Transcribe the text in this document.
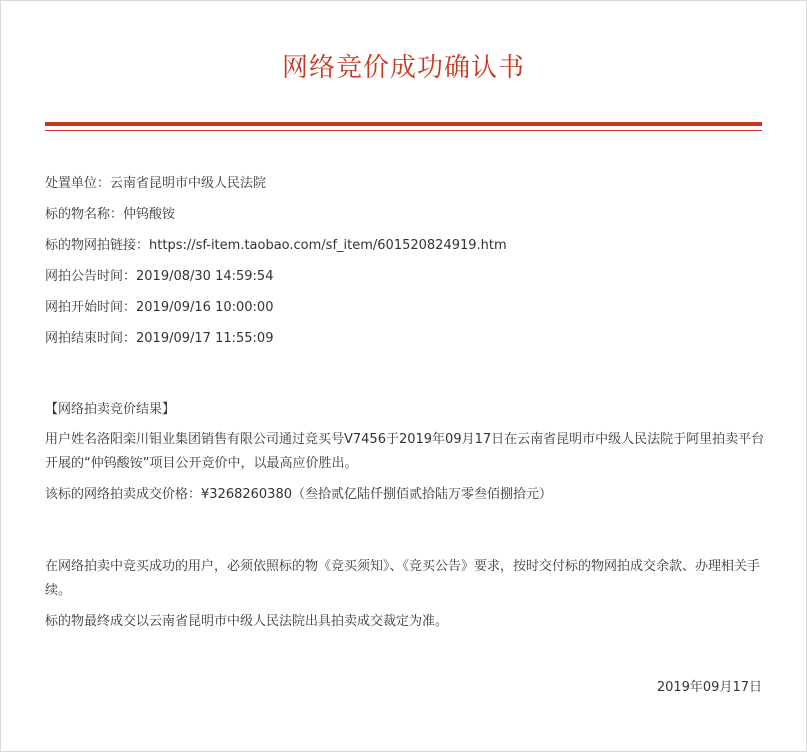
网络竞价成功确认书
处置单位：云南省昆明市中级人民法院
标的物名称：仲钨酸铵
标的物网拍链接：https://sf-item.taobao.com/sf_item/601520824919.htm
网拍公告时间：2019/08/30 14:59:54
网拍开始时间：2019/09/16 10:00:00
网拍结束时间：2019/09/17 11:55:09
【网络拍卖竞价结果】

用户姓名洛阳栾川钼业集团销售有限公司通过竞买号V7456于2019年09月17日在云南省昆明市中级人民法院于阿里拍卖平台开展的“仲钨酸铵”项目公开竞价中，以最高应价胜出。

该标的网络拍卖成交价格：¥3268260380（叁拾贰亿陆仟捌佰贰拾陆万零叁佰捌拾元）

在网络拍卖中竞买成功的用户，必须依照标的物《竞买须知》、《竞买公告》要求，按时交付标的物网拍成交余款、办理相关手续。

标的物最终成交以云南省昆明市中级人民法院出具拍卖成交裁定为准。

2019年09月17日
